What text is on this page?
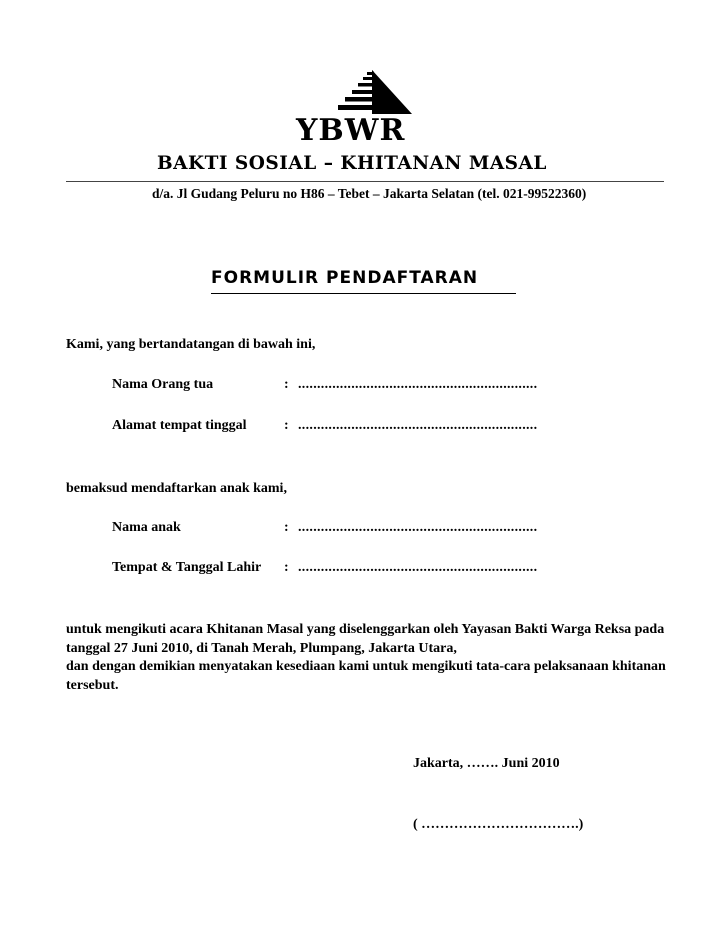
YBWR
BAKTI SOSIAL – KHITANAN MASAL
d/a. Jl Gudang Peluru no H86 – Tebet – Jakarta Selatan (tel. 021-99522360)
FORMULIR PENDAFTARAN
Kami, yang bertandatangan di bawah ini,
Nama Orang tua	: ...............................................................
Alamat tempat tinggal	: ...............................................................
bemaksud mendaftarkan anak kami,
Nama anak	: ...............................................................
Tempat & Tanggal Lahir : ...............................................................

untuk mengikuti acara Khitanan Masal yang diselenggarkan oleh Yayasan Bakti Warga Reksa pada tanggal 27 Juni 2010, di Tanah Merah, Plumpang, Jakarta Utara,

dan dengan demikian menyatakan kesediaan kami untuk mengikuti tata-cara pelaksanaan khitanan tersebut.

Jakarta, ……. Juni 2010
( …………………………….)
